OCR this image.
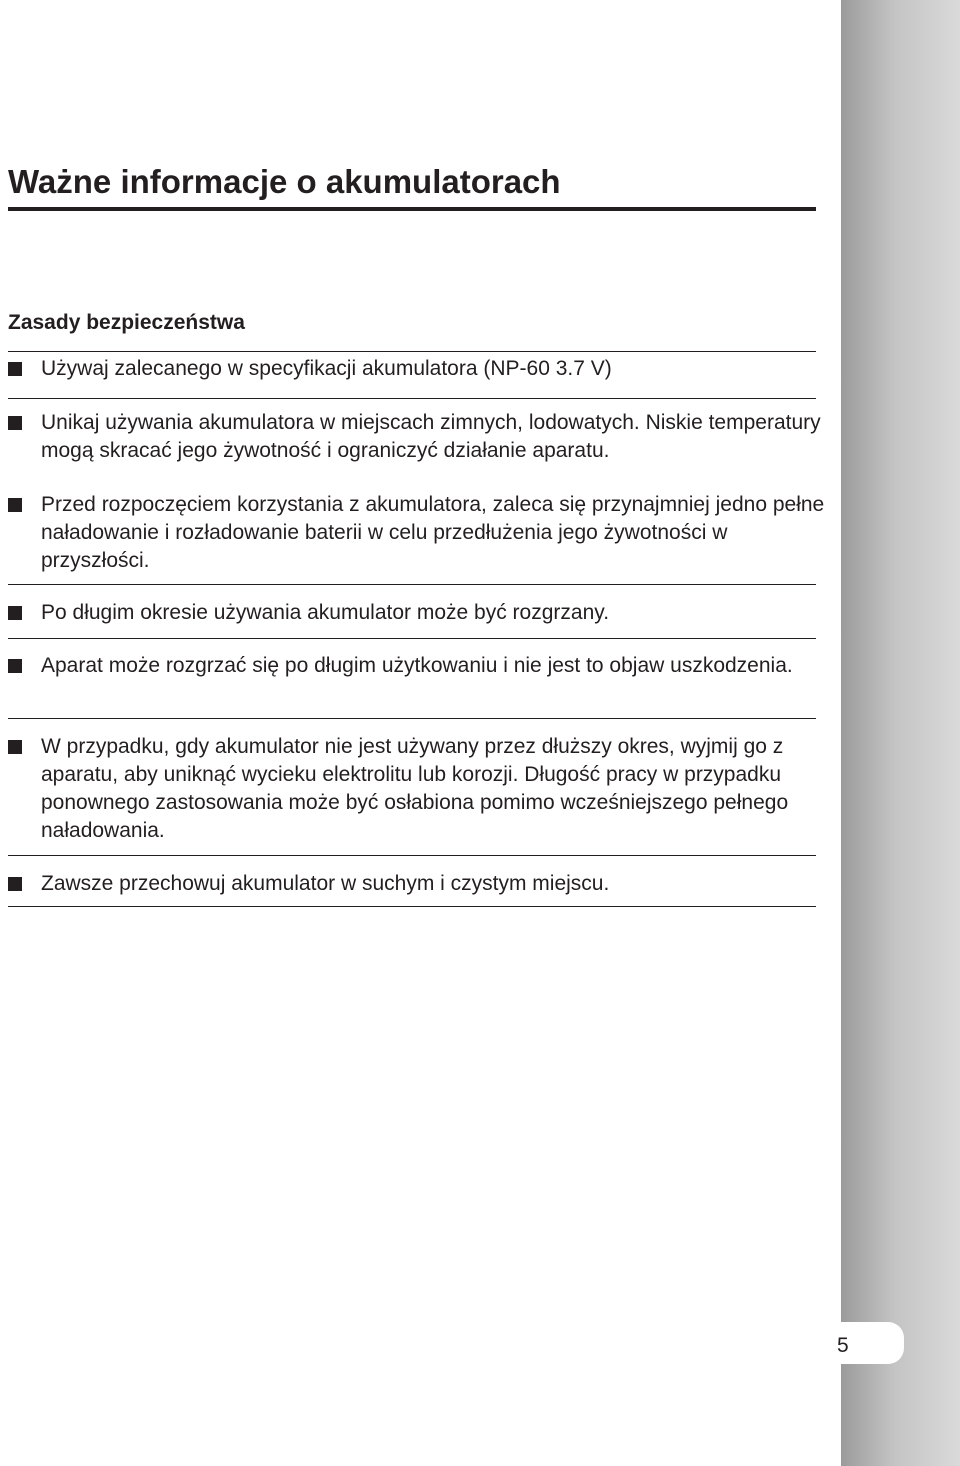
5
Ważne informacje o akumulatorach
Zasady bezpieczeństwa

Używaj zalecanego w specyfikacji akumulatora (NP-60 3.7 V)

Unikaj używania akumulatora w miejscach zimnych, lodowatych. Niskie temperatury mogą skracać jego żywotność i ograniczyć działanie aparatu.

Przed rozpoczęciem korzystania z akumulatora, zaleca się przynajmniej jedno pełne naładowanie i rozładowanie baterii w celu przedłużenia jego żywotności w przyszłości.

Po długim okresie używania akumulator może być rozgrzany.

Aparat może rozgrzać się po długim użytkowaniu i nie jest to objaw uszkodzenia.

W przypadku, gdy akumulator nie jest używany przez dłuższy okres, wyjmij go z aparatu, aby uniknąć wycieku elektrolitu lub korozji. Długość pracy w przypadku ponownego zastosowania może być osłabiona pomimo wcześniejszego pełnego naładowania.

Zawsze przechowuj akumulator w suchym i czystym miejscu.
